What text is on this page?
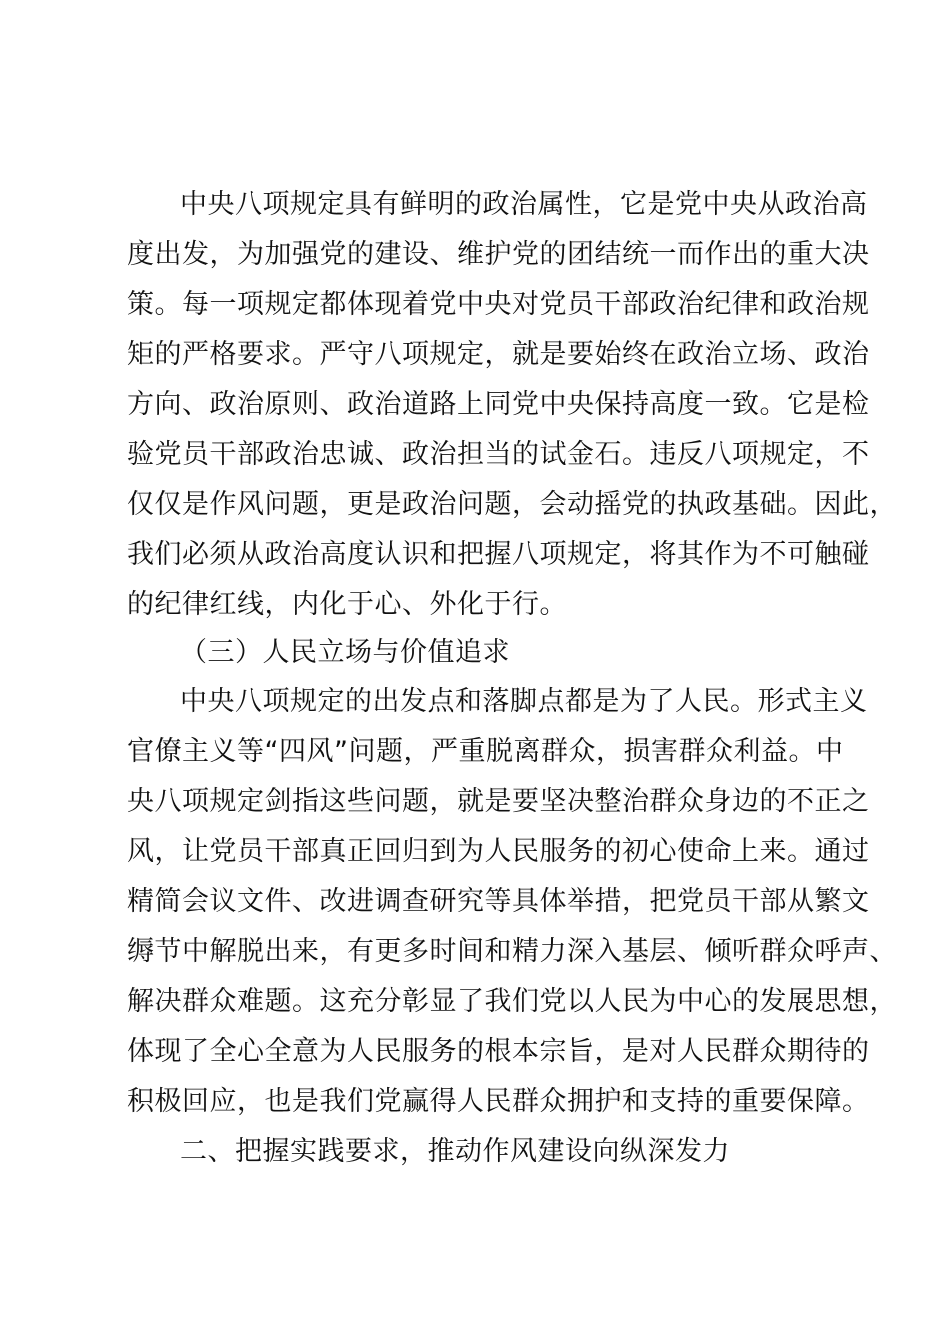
中央八项规定具有鲜明的政治属性，它是党中央从政治高
度出发，为加强党的建设、维护党的团结统一而作出的重大决
策。每一项规定都体现着党中央对党员干部政治纪律和政治规
矩的严格要求。严守八项规定，就是要始终在政治立场、政治
方向、政治原则、政治道路上同党中央保持高度一致。它是检
验党员干部政治忠诚、政治担当的试金石。违反八项规定，不
仅仅是作风问题，更是政治问题，会动摇党的执政基础。因此，
我们必须从政治高度认识和把握八项规定，将其作为不可触碰
的纪律红线，内化于心、外化于行。
（三）人民立场与价值追求
中央八项规定的出发点和落脚点都是为了人民。形式主义
官僚主义等“四风”问题，严重脱离群众，损害群众利益。中
央八项规定剑指这些问题，就是要坚决整治群众身边的不正之
风，让党员干部真正回归到为人民服务的初心使命上来。通过
精简会议文件、改进调查研究等具体举措，把党员干部从繁文
缛节中解脱出来，有更多时间和精力深入基层、倾听群众呼声、
解决群众难题。这充分彰显了我们党以人民为中心的发展思想，
体现了全心全意为人民服务的根本宗旨，是对人民群众期待的
积极回应，也是我们党赢得人民群众拥护和支持的重要保障。
二、把握实践要求，推动作风建设向纵深发力
